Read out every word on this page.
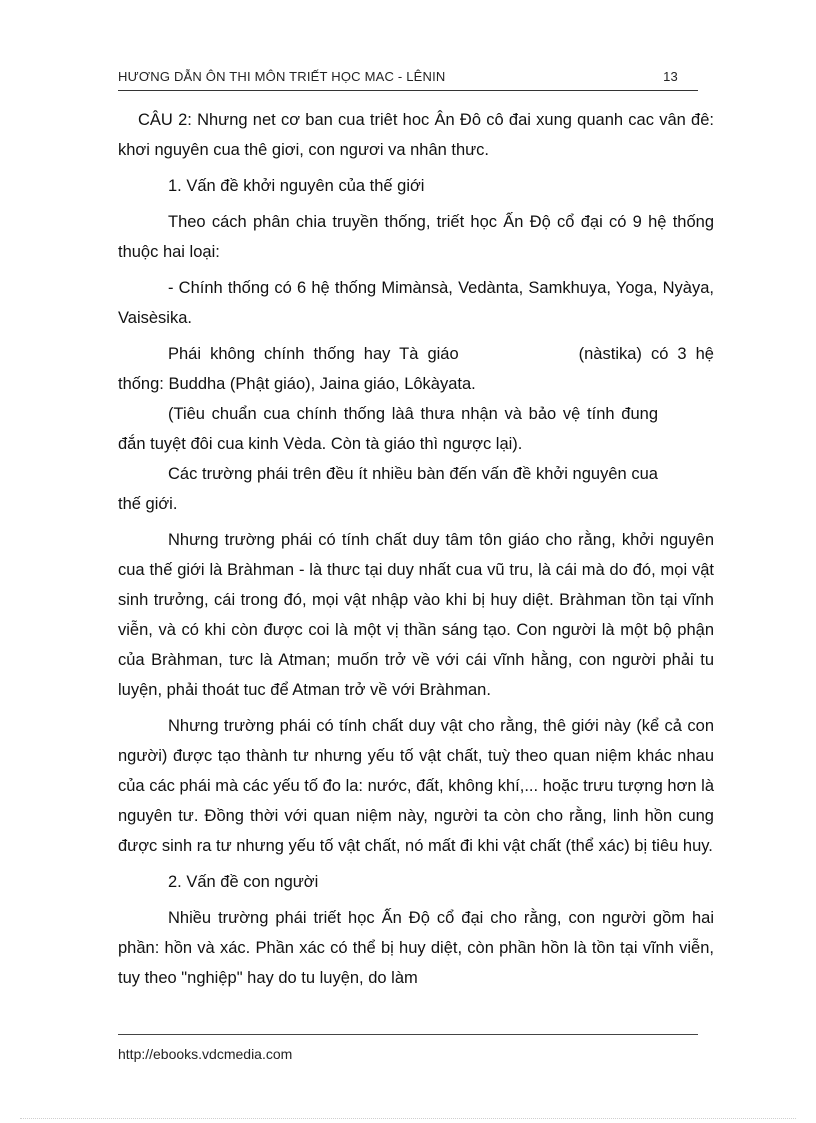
HƯƠNG DẪN ÔN THI MÔN TRIẾT HỌC MAC - LÊNIN	13

CÂU 2: Nhưng net cơ ban cua triêt hoc Ân Đô cô đai xung quanh cac vân đê: khơi nguyên cua thê giơi, con ngươi va nhân thưc.

1. Vấn đề khởi nguyên của thế giới

Theo cách phân chia truyền thống, triết học Ấn Độ cổ đại có 9 hệ thống thuộc hai loại:

- Chính thống có 6 hệ thống Mimànsà, Vedànta, Samkhuya, Yoga, Nyàya, Vaisèsika.

Phái không chính thống hay Tà giáo	(nàstika) có 3 hệ thống: Buddha (Phật giáo), Jaina giáo, Lôkàyata.

(Tiêu chuẩn cua chính thống làâ thưa nhận và bảo vệ tính đung đắn tuyệt đôi cua kinh Vèda. Còn tà giáo thì ngược lại).

Các trường phái trên đều ít nhiều bàn đến vấn đề khởi nguyên cua thế giới.

Nhưng trường phái có tính chất duy tâm tôn giáo cho rằng, khởi nguyên cua thế giới là Bràhman - là thưc tại duy nhất cua vũ tru, là cái mà do đó, mọi vật sinh trưởng, cái trong đó, mọi vật nhập vào khi bị huy diệt. Bràhman tồn tại vĩnh viễn, và có khi còn được coi là một vị thần sáng tạo. Con người là một bộ phận của Bràhman, tưc là Atman; muốn trở về với cái vĩnh hằng, con người phải tu luyện, phải thoát tuc để Atman trở về với Bràhman.

Nhưng trường phái có tính chất duy vật cho rằng, thê giới này (kể cả con người) được tạo thành tư nhưng yếu tố vật chất, tuỳ theo quan niệm khác nhau của các phái mà các yếu tố đo la: nước, đất, không khí,... hoặc trưu tượng hơn là nguyên tư. Đồng thời với quan niệm này, người ta còn cho rằng, linh hồn cung được sinh ra tư nhưng yếu tố vật chất, nó mất đi khi vật chất (thể xác) bị tiêu huy.

2. Vấn đề con người

Nhiều trường phái triết học Ấn Độ cổ đại cho rằng, con người gồm hai phần: hồn và xác. Phần xác có thể bị huy diệt, còn phần hồn là tồn tại vĩnh viễn, tuy theo "nghiệp" hay do tu luyện, do làm

http://ebooks.vdcmedia.com
